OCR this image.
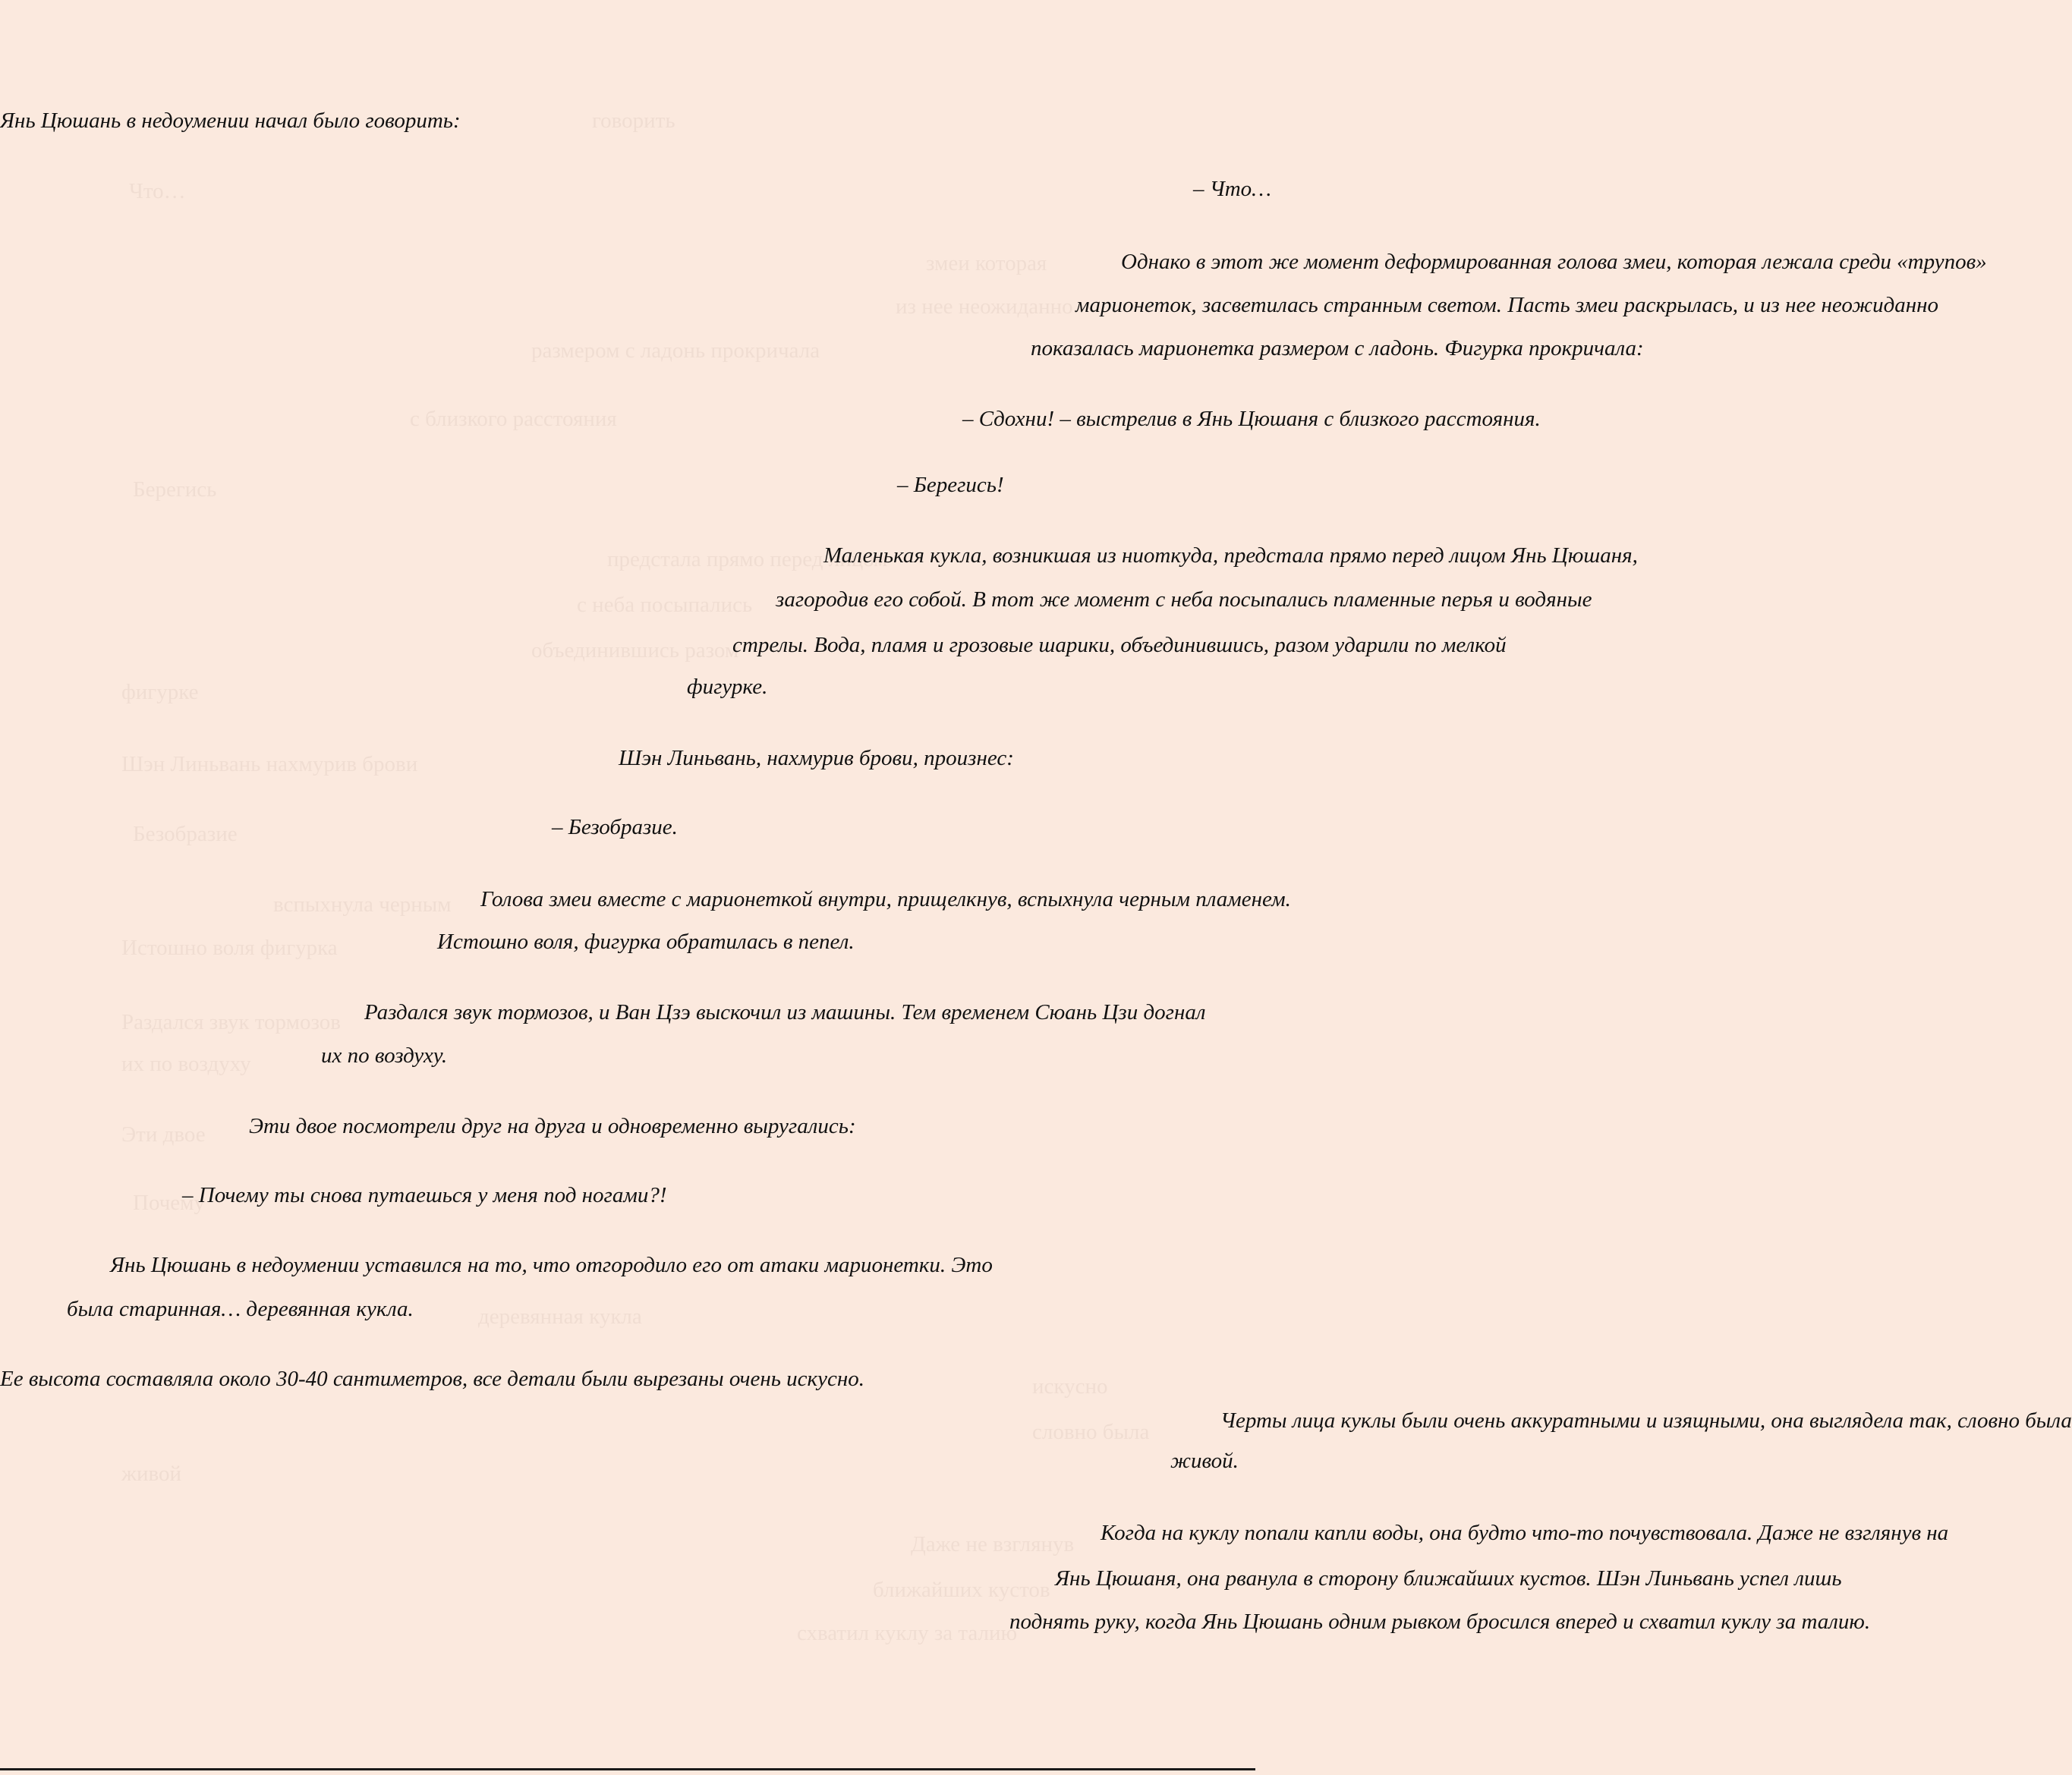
говорить
Что…
змеи которая
из нее неожиданно
размером с ладонь прокричала
с близкого расстояния
Берегись
предстала прямо перед лицом
с неба посыпались
объединившись разом
фигурке
Шэн Линьвань нахмурив брови
Безобразие
вспыхнула черным
Истошно воля фигурка
Раздался звук тормозов
их по воздуху
Эти двое
Почему
деревянная кукла
искусно
словно была
живой
Даже не взглянув
ближайших кустов
схватил куклу за талию
Янь Цюшань в недоумении начал было говорить:
– Что…
Однако в этот же момент деформированная голова змеи, которая лежала среди «трупов»
марионеток, засветилась странным светом. Пасть змеи раскрылась, и из нее неожиданно
показалась марионетка размером с ладонь. Фигурка прокричала:
– Сдохни! – выстрелив в Янь Цюшаня с близкого расстояния.
– Берегись!
Маленькая кукла, возникшая из ниоткуда, предстала прямо перед лицом Янь Цюшаня,
загородив его собой. В тот же момент с неба посыпались пламенные перья и водяные
стрелы. Вода, пламя и грозовые шарики, объединившись, разом ударили по мелкой
фигурке.
Шэн Линьвань, нахмурив брови, произнес:
– Безобразие.
Голова змеи вместе с марионеткой внутри, прищелкнув, вспыхнула черным пламенем.
Истошно воля, фигурка обратилась в пепел.
Раздался звук тормозов, и Ван Цзэ выскочил из машины. Тем временем Сюань Цзи догнал
их по воздуху.
Эти двое посмотрели друг на друга и одновременно выругались:
– Почему ты снова путаешься у меня под ногами?!
Янь Цюшань в недоумении уставился на то, что отгородило его от атаки марионетки. Это
была старинная… деревянная кукла.
Ее высота составляла около 30-40 сантиметров, все детали были вырезаны очень искусно.
Черты лица куклы были очень аккуратными и изящными, она выглядела так, словно была
живой.
Когда на куклу попали капли воды, она будто что-то почувствовала. Даже не взглянув на
Янь Цюшаня, она рванула в сторону ближайших кустов. Шэн Линьвань успел лишь
поднять руку, когда Янь Цюшань одним рывком бросился вперед и схватил куклу за талию.
